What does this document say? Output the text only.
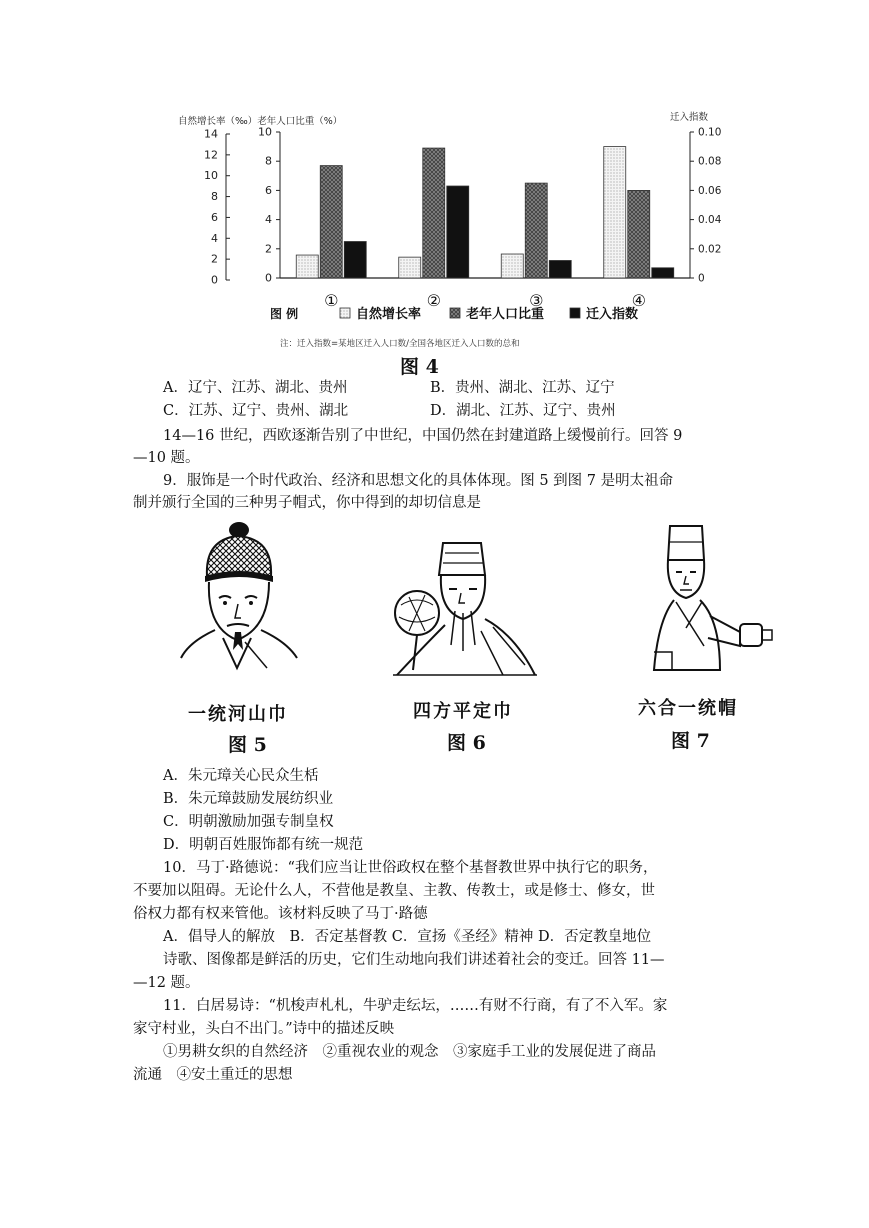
自然增长率（‰）老年人口比重（%）	迁入指数
14
12
10
8
6
4
2
0
10
8
6
4
2
0
0.10
0.08
0.06
0.04
0.02
0
①	②	③	④
注：迁入指数=某地区迁入人口数/全国各地区迁入人口数的总和
图 例	自然增长率	老年人口比重	迁入指数
图 4
A．辽宁、江苏、湖北、贵州	B．贵州、湖北、江苏、辽宁
C．江苏、辽宁、贵州、湖北	D．湖北、江苏、辽宁、贵州
14—16 世纪，西欧逐渐告别了中世纪，中国仍然在封建道路上缓慢前行。回答 9
—10 题。
9．服饰是一个时代政治、经济和思想文化的具体体现。图 5 到图 7 是明太祖命
制并颁行全国的三种男子帽式，你中得到的却切信息是
一统河山巾	四方平定巾	六合一统帽
图 5	图 6	图 7
A．朱元璋关心民众生栝
B．朱元璋鼓励发展纺织业
C．明朝激励加强专制皇权
D．明朝百姓服饰都有统一规范
10．马丁·路德说：“我们应当让世俗政权在整个基督教世界中执行它的职务，
不要加以阻碍。无论什么人，不营他是教皇、主教、传教士，或是修士、修女，世
俗权力都有权来管他。该材料反映了马丁·路德
A．倡导人的解放　B．否定基督教 C．宣扬《圣经》精神 D．否定教皇地位
诗歌、图像都是鲜活的历史，它们生动地向我们讲述着社会的变迁。回答 11—
—12 题。
11．白居易诗：“机梭声札札，牛驴走纭坛，……有财不行商，有了不入军。家
家守村业，头白不出门。”诗中的描述反映
①男耕女织的自然经济　②重视农业的观念　③家庭手工业的发展促进了商品
流通　④安土重迁的思想
